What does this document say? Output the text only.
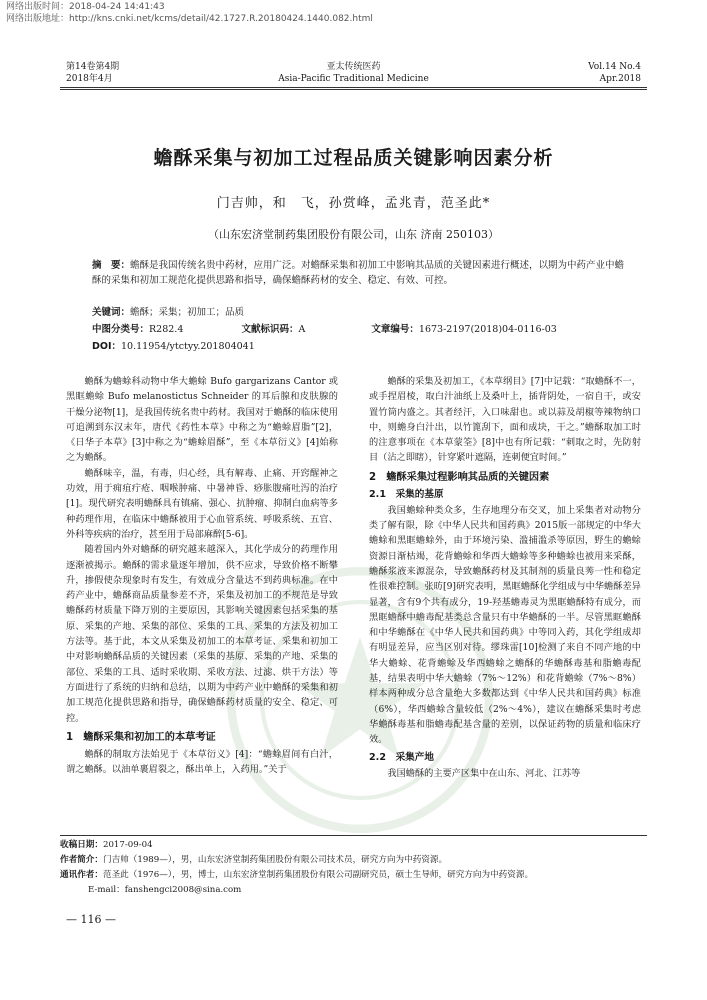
网络出版时间：2018-04-24 14:41:43
网络出版地址：http://kns.cnki.net/kcms/detail/42.1727.R.20180424.1440.082.html
第14卷第4期
2018年4月
亚太传统医药
Asia-Pacific Traditional Medicine
Vol.14 No.4
Apr.2018
蟾酥采集与初加工过程品质关键影响因素分析
门吉帅，和　飞，孙赏峰，孟兆青，范圣此*
（山东宏济堂制药集团股份有限公司，山东 济南 250103）
摘　要：蟾酥是我国传统名贵中药材，应用广泛。对蟾酥采集和初加工中影响其品质的关键因素进行概述，以期为中药产业中蟾酥的采集和初加工规范化提供思路和指导，确保蟾酥药材的安全、稳定、有效、可控。
关键词：蟾酥；采集；初加工；品质
中图分类号：R282.4	文献标识码：A	文章编号：1673-2197(2018)04-0116-03
DOI：10.11954/ytctyy.201804041

蟾酥为蟾蜍科动物中华大蟾蜍 Bufo gargarizans Cantor 或黑眶蟾蜍 Bufo melanostictus Schneider 的耳后腺和皮肤腺的干燥分泌物[1]，是我国传统名贵中药材。我国对于蟾酥的临床使用可追溯到东汉末年，唐代《药性本草》中称之为“蟾蜍眉脂”[2]，《日华子本草》[3]中称之为“蟾蜍眉酥”，至《本草衍义》[4]始称之为蟾酥。

蟾酥味辛，温，有毒，归心经，具有解毒、止痛、开窍醒神之功效，用于痈疽疔疮、咽喉肿痛、中暑神昏、痧胀腹痛吐泻的治疗[1]。现代研究表明蟾酥具有镇痛、强心、抗肿瘤、抑制白血病等多种药理作用，在临床中蟾酥被用于心血管系统、呼吸系统、五官、外科等疾病的治疗，甚至用于局部麻醉[5-6]。

随着国内外对蟾酥的研究越来越深入，其化学成分的药理作用逐渐被揭示。蟾酥的需求量逐年增加，供不应求，导致价格不断攀升，掺假使杂现象时有发生，有效成分含量达不到药典标准。在中药产业中，蟾酥商品质量参差不齐，采集及初加工的不规范是导致蟾酥药材质量下降万别的主要原因，其影响关键因素包括采集的基原、采集的产地、采集的部位、采集的工具、采集的方法及初加工方法等。基于此，本文从采集及初加工的本草考证、采集和初加工中对影响蟾酥品质的关键因素（采集的基原、采集的产地、采集的部位、采集的工具、适时采收期、采收方法、过滤、烘干方法）等方面进行了系统的归纳和总结，以期为中药产业中蟾酥的采集和初加工规范化提供思路和指导，确保蟾酥药材质量的安全、稳定、可控。

1　蟾酥采集和初加工的本草考证

蟾酥的制取方法始见于《本草衍义》[4]：“蟾蜍眉间有白汁，谓之蟾酥。以油单裹眉裂之，酥出单上，入药用。”关于

蟾酥的采集及初加工，《本草纲目》[7]中记载：“取蟾酥不一，或手捏眉棱，取白汁油纸上及桑叶上，插背阴处，一宿自干，或安置竹筒内盛之。其者经汗，入口味甜也。或以蒜及胡椒等辣物纳口中，则蟾身白汁出，以竹篦刮下，面和成块，干之。”蟾酥取加工时的注意事项在《本草蒙筌》[8]中也有所记载：“刺取之时，先防射目（沾之即瞎），针穿紧叶遮隔，连刺便宜时间。”

2　蟾酥采集过程影响其品质的关键因素
2.1　采集的基原

我国蟾蜍种类众多，生存地理分布交叉，加上采集者对动物分类了解有限，除《中华人民共和国药典》2015版一部规定的中华大蟾蜍和黑眶蟾蜍外，由于环境污染、滥捕滥杀等原因，野生的蟾蜍资源日渐枯竭，花背蟾蜍和华西大蟾蜍等多种蟾蜍也被用来采酥，蟾酥浆液来源混杂，导致蟾酥药材及其制剂的质量良莠一性和稳定性很难控制。张昉[9]研究表明，黑眶蟾酥化学组成与中华蟾酥差异显著，含有9个共有成分，19-羟基蟾毒灵为黑眶蟾酥特有成分，而黑眶蟾酥中蟾毒配基类总含量只有中华蟾酥的一半。尽管黑眶蟾酥和中华蟾酥在《中华人民共和国药典》中等同入药，其化学组成却有明显差异，应当区别对待。缪珠雷[10]检测了来自不同产地的中华大蟾蜍、花背蟾蜍及华西蟾蜍之蟾酥的华蟾酥毒基和脂蟾毒配基，结果表明中华大蟾蜍（7%～12%）和花背蟾蜍（7%～8%）样本两种成分总含量绝大多数都达到《中华人民共和国药典》标准（6%），华西蟾蜍含量较低（2%～4%），建议在蟾酥采集时考虑华蟾酥毒基和脂蟾毒配基含量的差别，以保证药物的质量和临床疗效。

2.2　采集产地

我国蟾酥的主要产区集中在山东、河北、江苏等

收稿日期：2017-09-04
作者简介：门吉帅（1989—），男，山东宏济堂制药集团股份有限公司技术员，研究方向为中药资源。
通讯作者：范圣此（1976—），男，博士，山东宏济堂制药集团股份有限公司副研究员，硕士生导师，研究方向为中药资源。
E-mail：fanshengci2008@sina.com
— 116 —
